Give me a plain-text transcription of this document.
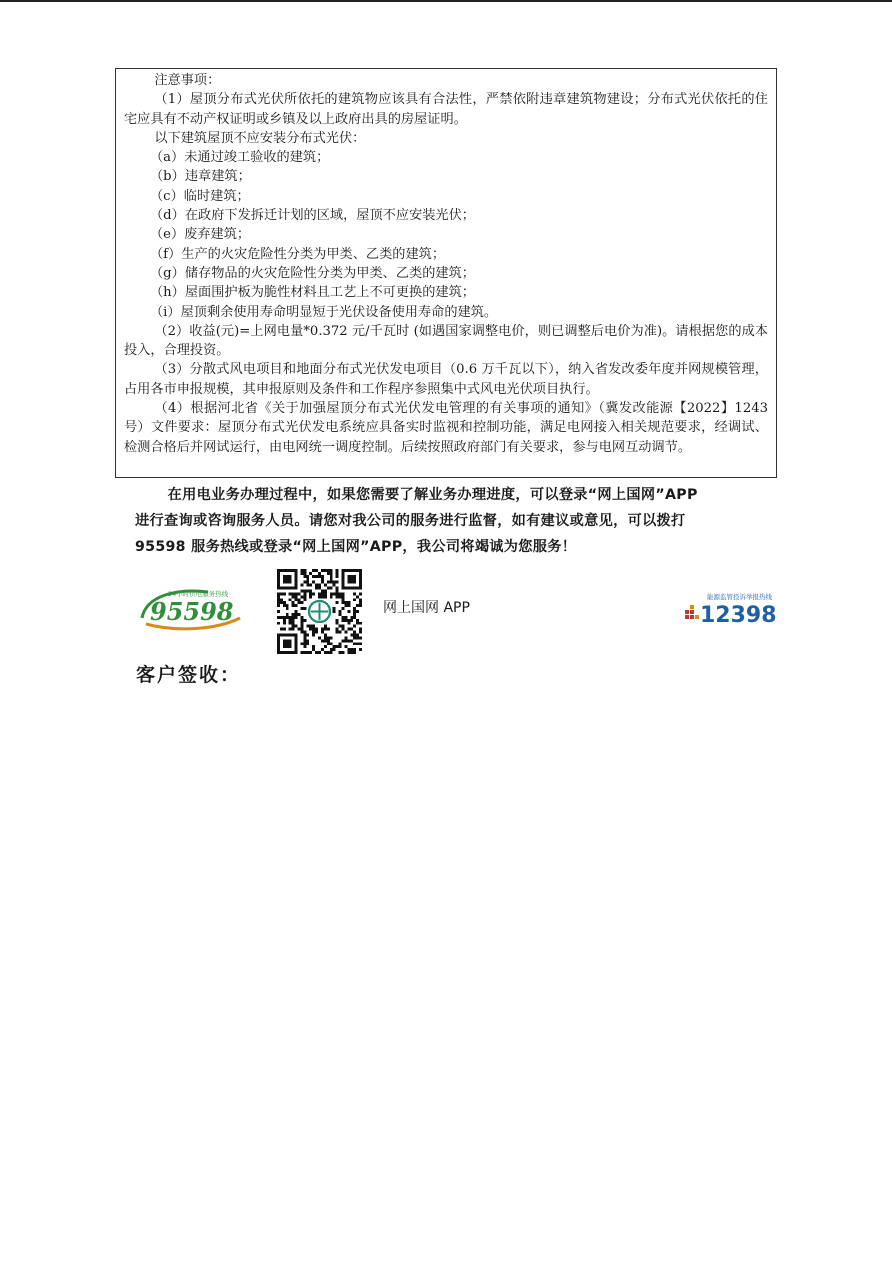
注意事项：

（1）屋顶分布式光伏所依托的建筑物应该具有合法性，严禁依附违章建筑物建设；分布式光伏依托的住宅应具有不动产权证明或乡镇及以上政府出具的房屋证明。

以下建筑屋顶不应安装分布式光伏：

（a）未通过竣工验收的建筑；

（b）违章建筑；

（c）临时建筑；

（d）在政府下发拆迁计划的区域，屋顶不应安装光伏；

（e）废弃建筑；

（f）生产的火灾危险性分类为甲类、乙类的建筑；

（g）储存物品的火灾危险性分类为甲类、乙类的建筑；

（h）屋面围护板为脆性材料且工艺上不可更换的建筑；

（i）屋顶剩余使用寿命明显短于光伏设备使用寿命的建筑。

（2）收益(元)=上网电量*0.372 元/千瓦时 (如遇国家调整电价，则已调整后电价为准)。请根据您的成本投入，合理投资。

（3）分散式风电项目和地面分布式光伏发电项目（0.6 万千瓦以下），纳入省发改委年度并网规模管理，占用各市申报规模，其申报原则及条件和工作程序参照集中式风电光伏项目执行。

（4）根据河北省《关于加强屋顶分布式光伏发电管理的有关事项的通知》（冀发改能源【2022】1243 号）文件要求：屋顶分布式光伏发电系统应具备实时监视和控制功能，满足电网接入相关规范要求，经调试、检测合格后并网试运行，由电网统一调度控制。后续按照政府部门有关要求，参与电网互动调节。

在用电业务办理过程中，如果您需要了解业务办理进度，可以登录“网上国网”APP

进行查询或咨询服务人员。请您对我公司的服务进行监督，如有建议或意见，可以拨打

95598 服务热线或登录“网上国网”APP，我公司将竭诚为您服务！

24小时供电服务热线
95598	网上国网 APP
能源监管投诉举报热线
12398
客户签收：
